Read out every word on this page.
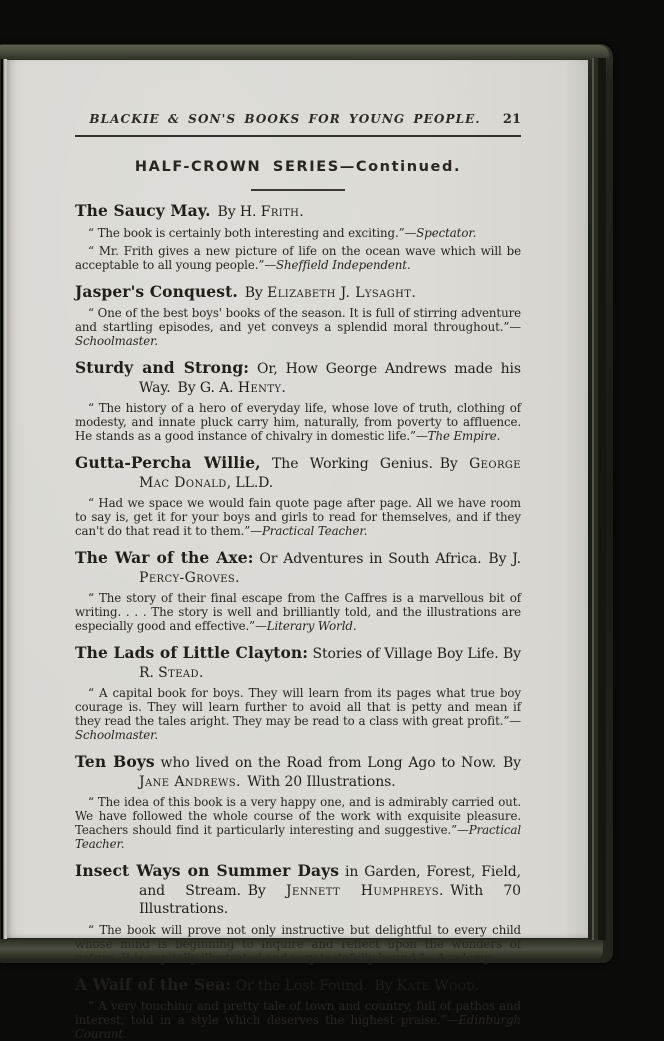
BLACKIE & SON'S BOOKS FOR YOUNG PEOPLE.	21

HALF-CROWN SERIES—Continued.

The Saucy May. By H. Frith.

“ The book is certainly both interesting and exciting.”—Spectator.

“ Mr. Frith gives a new picture of life on the ocean wave which will be acceptable to all young people.”—Sheffield Independent.

Jasper's Conquest. By Elizabeth J. Lysaght.

“ One of the best boys' books of the season. It is full of stirring adventure and startling episodes, and yet conveys a splendid moral throughout.”—Schoolmaster.

Sturdy and Strong: Or, How George Andrews made his Way. By G. A. Henty.

“ The history of a hero of everyday life, whose love of truth, clothing of modesty, and innate pluck carry him, naturally, from poverty to affluence. He stands as a good instance of chivalry in domestic life.”—The Empire.

Gutta-Percha Willie, The Working Genius. By George Mac Donald, LL.D.

“ Had we space we would fain quote page after page. All we have room to say is, get it for your boys and girls to read for themselves, and if they can't do that read it to them.”—Practical Teacher.

The War of the Axe: Or Adventures in South Africa. By J. Percy-Groves.

“ The story of their final escape from the Caffres is a marvellous bit of writing. . . . The story is well and brilliantly told, and the illustrations are especially good and effective.”—Literary World.

The Lads of Little Clayton: Stories of Village Boy Life. By R. Stead.

“ A capital book for boys. They will learn from its pages what true boy courage is. They will learn further to avoid all that is petty and mean if they read the tales aright. They may be read to a class with great profit.”—Schoolmaster.

Ten Boys who lived on the Road from Long Ago to Now. By Jane Andrews. With 20 Illustrations.

“ The idea of this book is a very happy one, and is admirably carried out. We have followed the whole course of the work with exquisite pleasure. Teachers should find it particularly interesting and suggestive.”—Practical Teacher.

Insect Ways on Summer Days in Garden, Forest, Field, and Stream. By Jennett Humphreys. With 70 Illustrations.

“ The book will prove not only instructive but delightful to every child whose mind is beginning to inquire and reflect upon the wonders of nature. It is capitally illustrated and very tastefully bound.”—Academy.

A Waif of the Sea: Or the Lost Found. By Kate Wood.

“ A very touching and pretty tale of town and country, full of pathos and interest, told in a style which deserves the highest praise.”—Edinburgh Courant.
